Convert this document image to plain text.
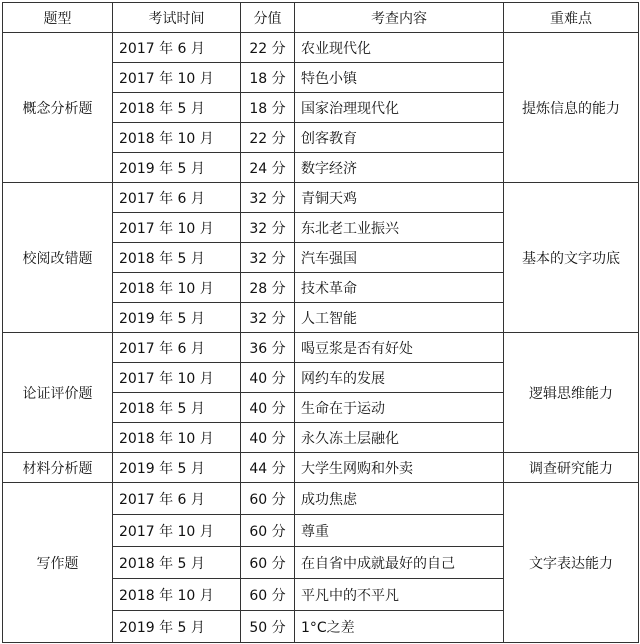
题型	考试时间	分值	考查内容	重难点
概念分析题	2017 年 6 月	22 分	农业现代化	提炼信息的能力
	2017 年 10 月	18 分	特色小镇	
	2018 年 5 月	18 分	国家治理现代化	
	2018 年 10 月	22 分	创客教育	
	2019 年 5 月	24 分	数字经济	
校阅改错题	2017 年 6 月	32 分	青铜天鸡	基本的文字功底
	2017 年 10 月	32 分	东北老工业振兴	
	2018 年 5 月	32 分	汽车强国	
	2018 年 10 月	28 分	技术革命	
	2019 年 5 月	32 分	人工智能	
论证评价题	2017 年 6 月	36 分	喝豆浆是否有好处	逻辑思维能力
	2017 年 10 月	40 分	网约车的发展	
	2018 年 5 月	40 分	生命在于运动	
	2018 年 10 月	40 分	永久冻土层融化	
材料分析题	2019 年 5 月	44 分	大学生网购和外卖	调查研究能力
写作题	2017 年 6 月	60 分	成功焦虑	文字表达能力
	2017 年 10 月	60 分	尊重	
	2018 年 5 月	60 分	在自省中成就最好的自己	
	2018 年 10 月	60 分	平凡中的不平凡	
	2019 年 5 月	50 分	1°C之差	
